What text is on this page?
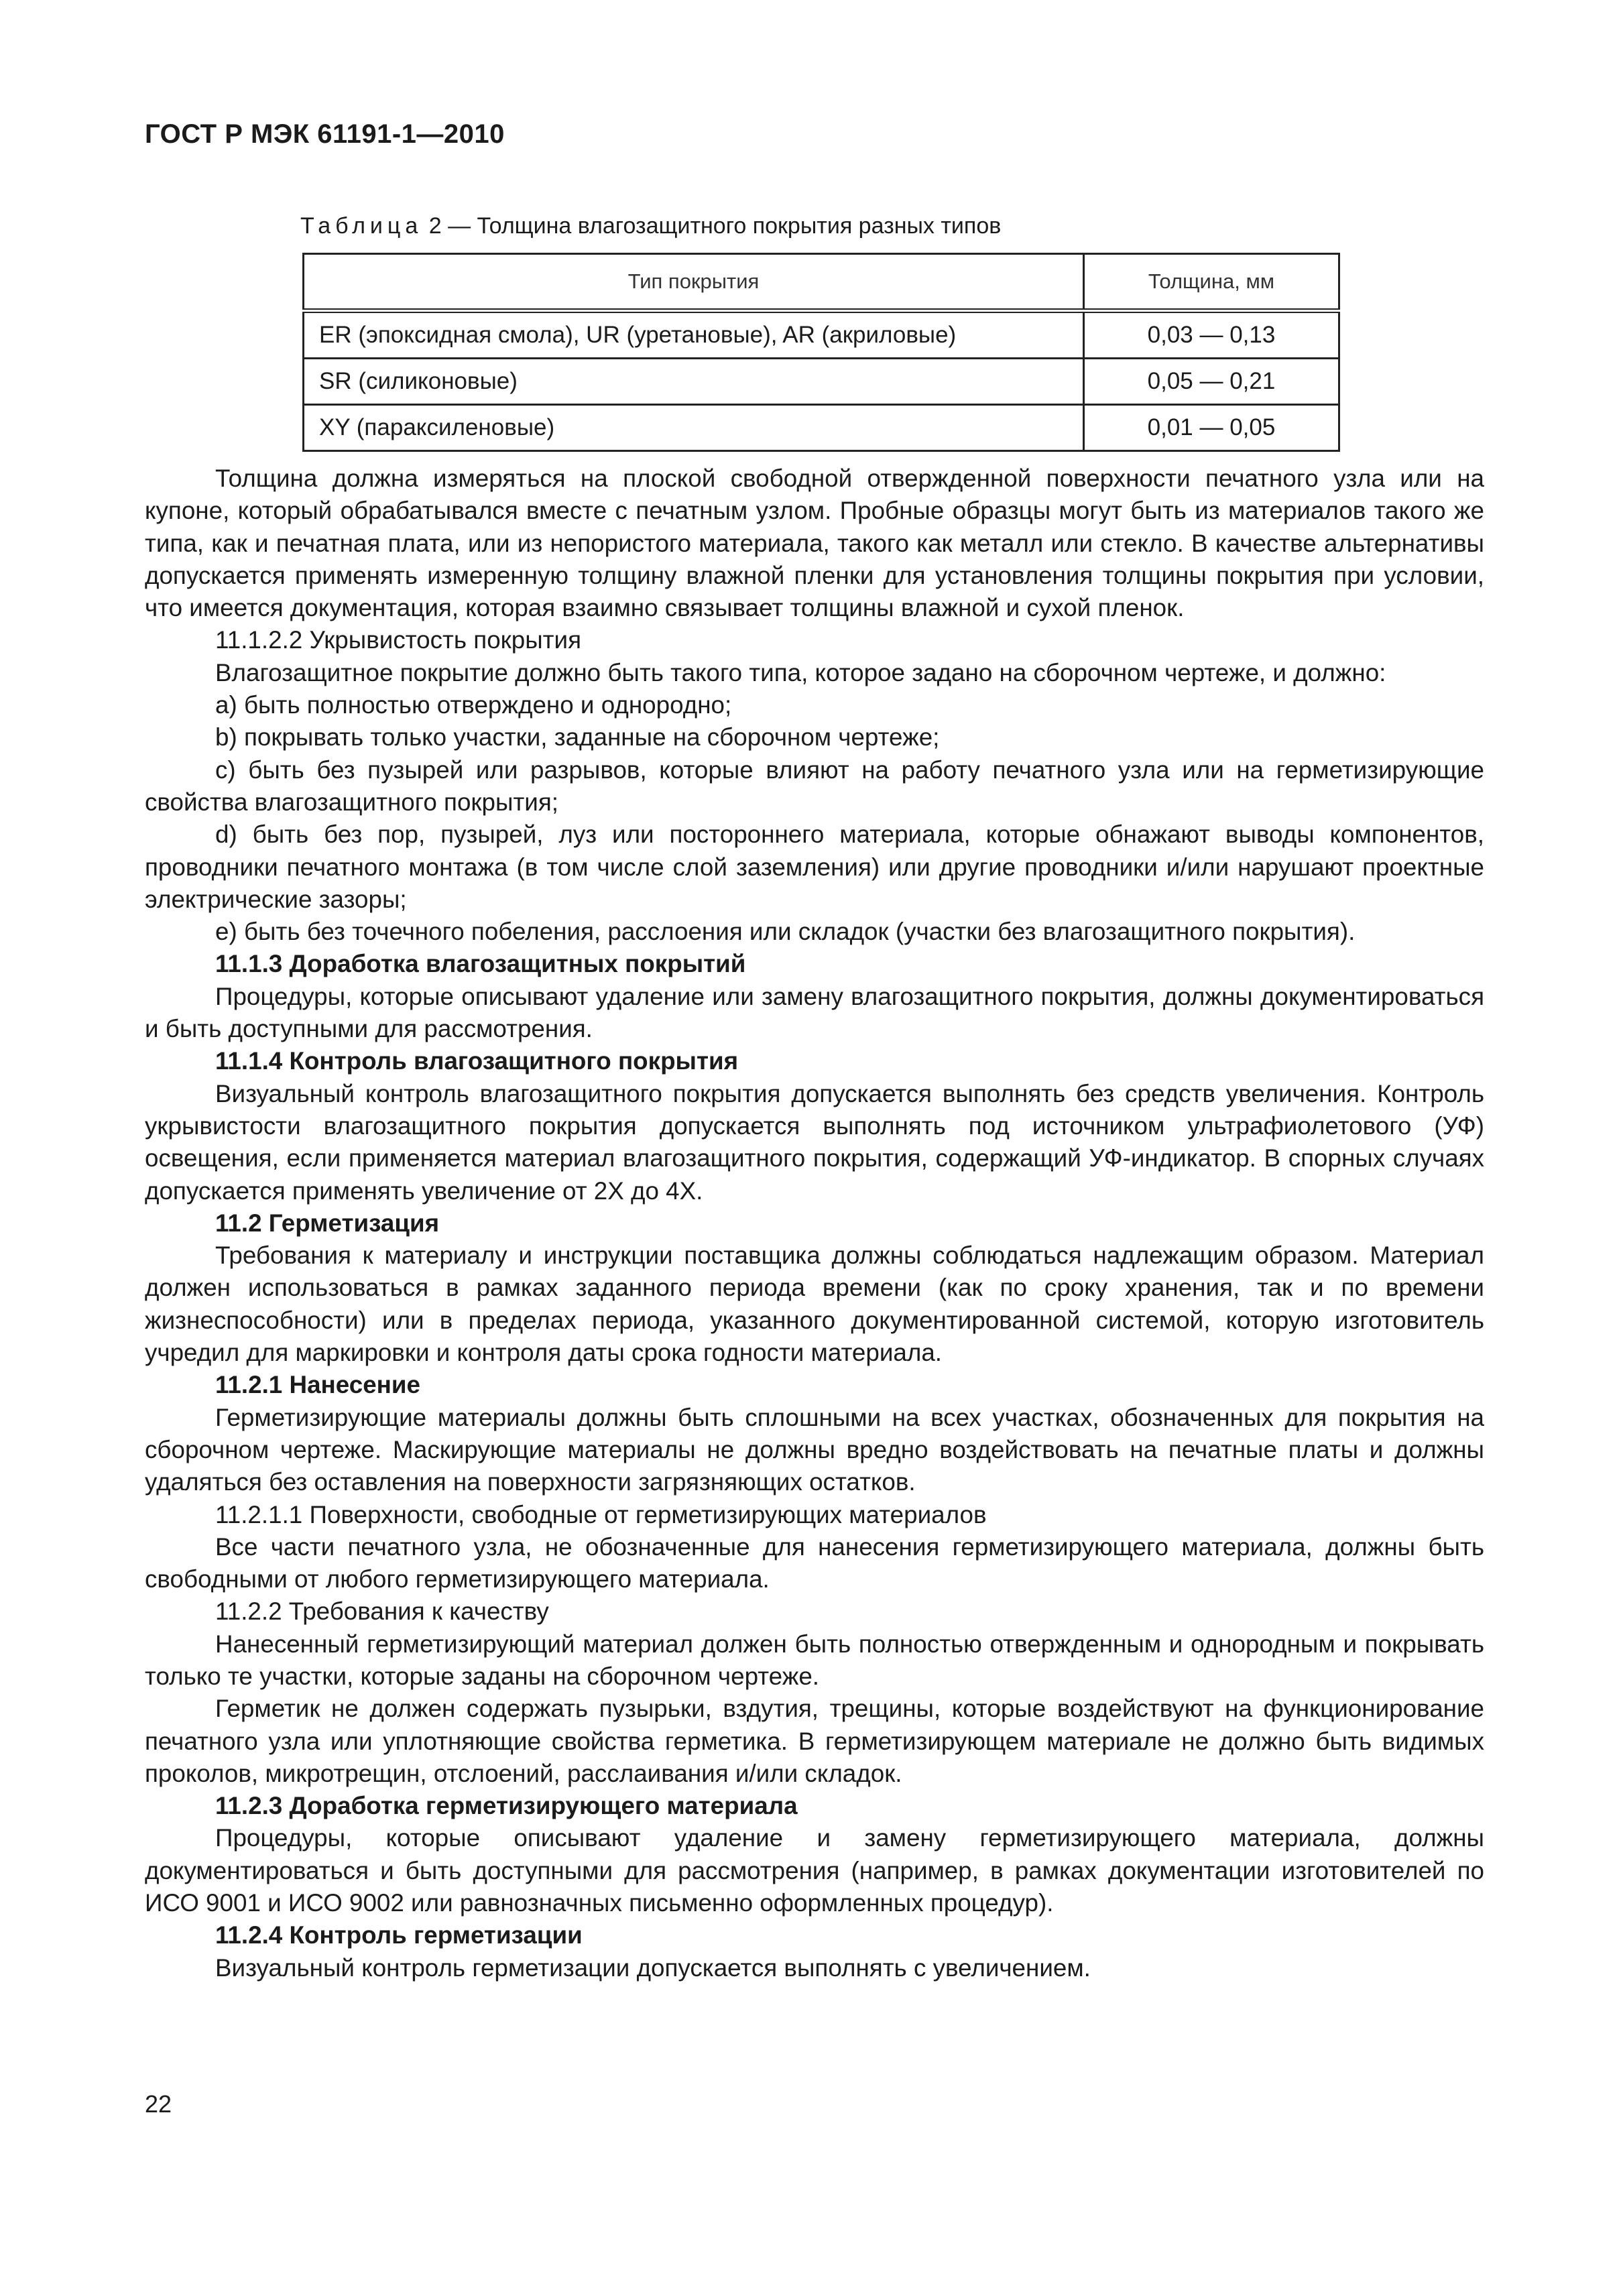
ГОСТ Р МЭК 61191-1—2010
Таблица 2 — Толщина влагозащитного покрытия разных типов
Тип покрытия	Толщина, мм
ER (эпоксидная смола), UR (уретановые), AR (акриловые)	0,03 — 0,13
SR (силиконовые)	0,05 — 0,21
XY (параксиленовые)	0,01 — 0,05

Толщина должна измеряться на плоской свободной отвержденной поверхности печатного узла или на купоне, который обрабатывался вместе с печатным узлом. Пробные образцы могут быть из материалов такого же типа, как и печатная плата, или из непористого материала, такого как металл или стекло. В качестве альтернативы допускается применять измеренную толщину влажной пленки для установления толщины покрытия при условии, что имеется документация, которая взаимно связывает толщины влажной и сухой пленок.

11.1.2.2 Укрывистость покрытия

Влагозащитное покрытие должно быть такого типа, которое задано на сборочном чертеже, и должно:

а) быть полностью отверждено и однородно;

b) покрывать только участки, заданные на сборочном чертеже;

с) быть без пузырей или разрывов, которые влияют на работу печатного узла или на герметизирующие свойства влагозащитного покрытия;

d) быть без пор, пузырей, луз или постороннего материала, которые обнажают выводы компонентов, проводники печатного монтажа (в том числе слой заземления) или другие проводники и/или нарушают проектные электрические зазоры;

е) быть без точечного побеления, расслоения или складок (участки без влагозащитного покрытия).

11.1.3 Доработка влагозащитных покрытий

Процедуры, которые описывают удаление или замену влагозащитного покрытия, должны документироваться и быть доступными для рассмотрения.

11.1.4 Контроль влагозащитного покрытия

Визуальный контроль влагозащитного покрытия допускается выполнять без средств увеличения. Контроль укрывистости влагозащитного покрытия допускается выполнять под источником ультрафиолетового (УФ) освещения, если применяется материал влагозащитного покрытия, содержащий УФ-индикатор. В спорных случаях допускается применять увеличение от 2Х до 4Х.

11.2 Герметизация

Требования к материалу и инструкции поставщика должны соблюдаться надлежащим образом. Материал должен использоваться в рамках заданного периода времени (как по сроку хранения, так и по времени жизнеспособности) или в пределах периода, указанного документированной системой, которую изготовитель учредил для маркировки и контроля даты срока годности материала.

11.2.1 Нанесение

Герметизирующие материалы должны быть сплошными на всех участках, обозначенных для покрытия на сборочном чертеже. Маскирующие материалы не должны вредно воздействовать на печатные платы и должны удаляться без оставления на поверхности загрязняющих остатков.

11.2.1.1 Поверхности, свободные от герметизирующих материалов

Все части печатного узла, не обозначенные для нанесения герметизирующего материала, должны быть свободными от любого герметизирующего материала.

11.2.2 Требования к качеству

Нанесенный герметизирующий материал должен быть полностью отвержденным и однородным и покрывать только те участки, которые заданы на сборочном чертеже.

Герметик не должен содержать пузырьки, вздутия, трещины, которые воздействуют на функционирование печатного узла или уплотняющие свойства герметика. В герметизирующем материале не должно быть видимых проколов, микротрещин, отслоений, расслаивания и/или складок.

11.2.3 Доработка герметизирующего материала

Процедуры, которые описывают удаление и замену герметизирующего материала, должны документироваться и быть доступными для рассмотрения (например, в рамках документации изготовителей по ИСО 9001 и ИСО 9002 или равнозначных письменно оформленных процедур).

11.2.4 Контроль герметизации

Визуальный контроль герметизации допускается выполнять с увеличением.

22
